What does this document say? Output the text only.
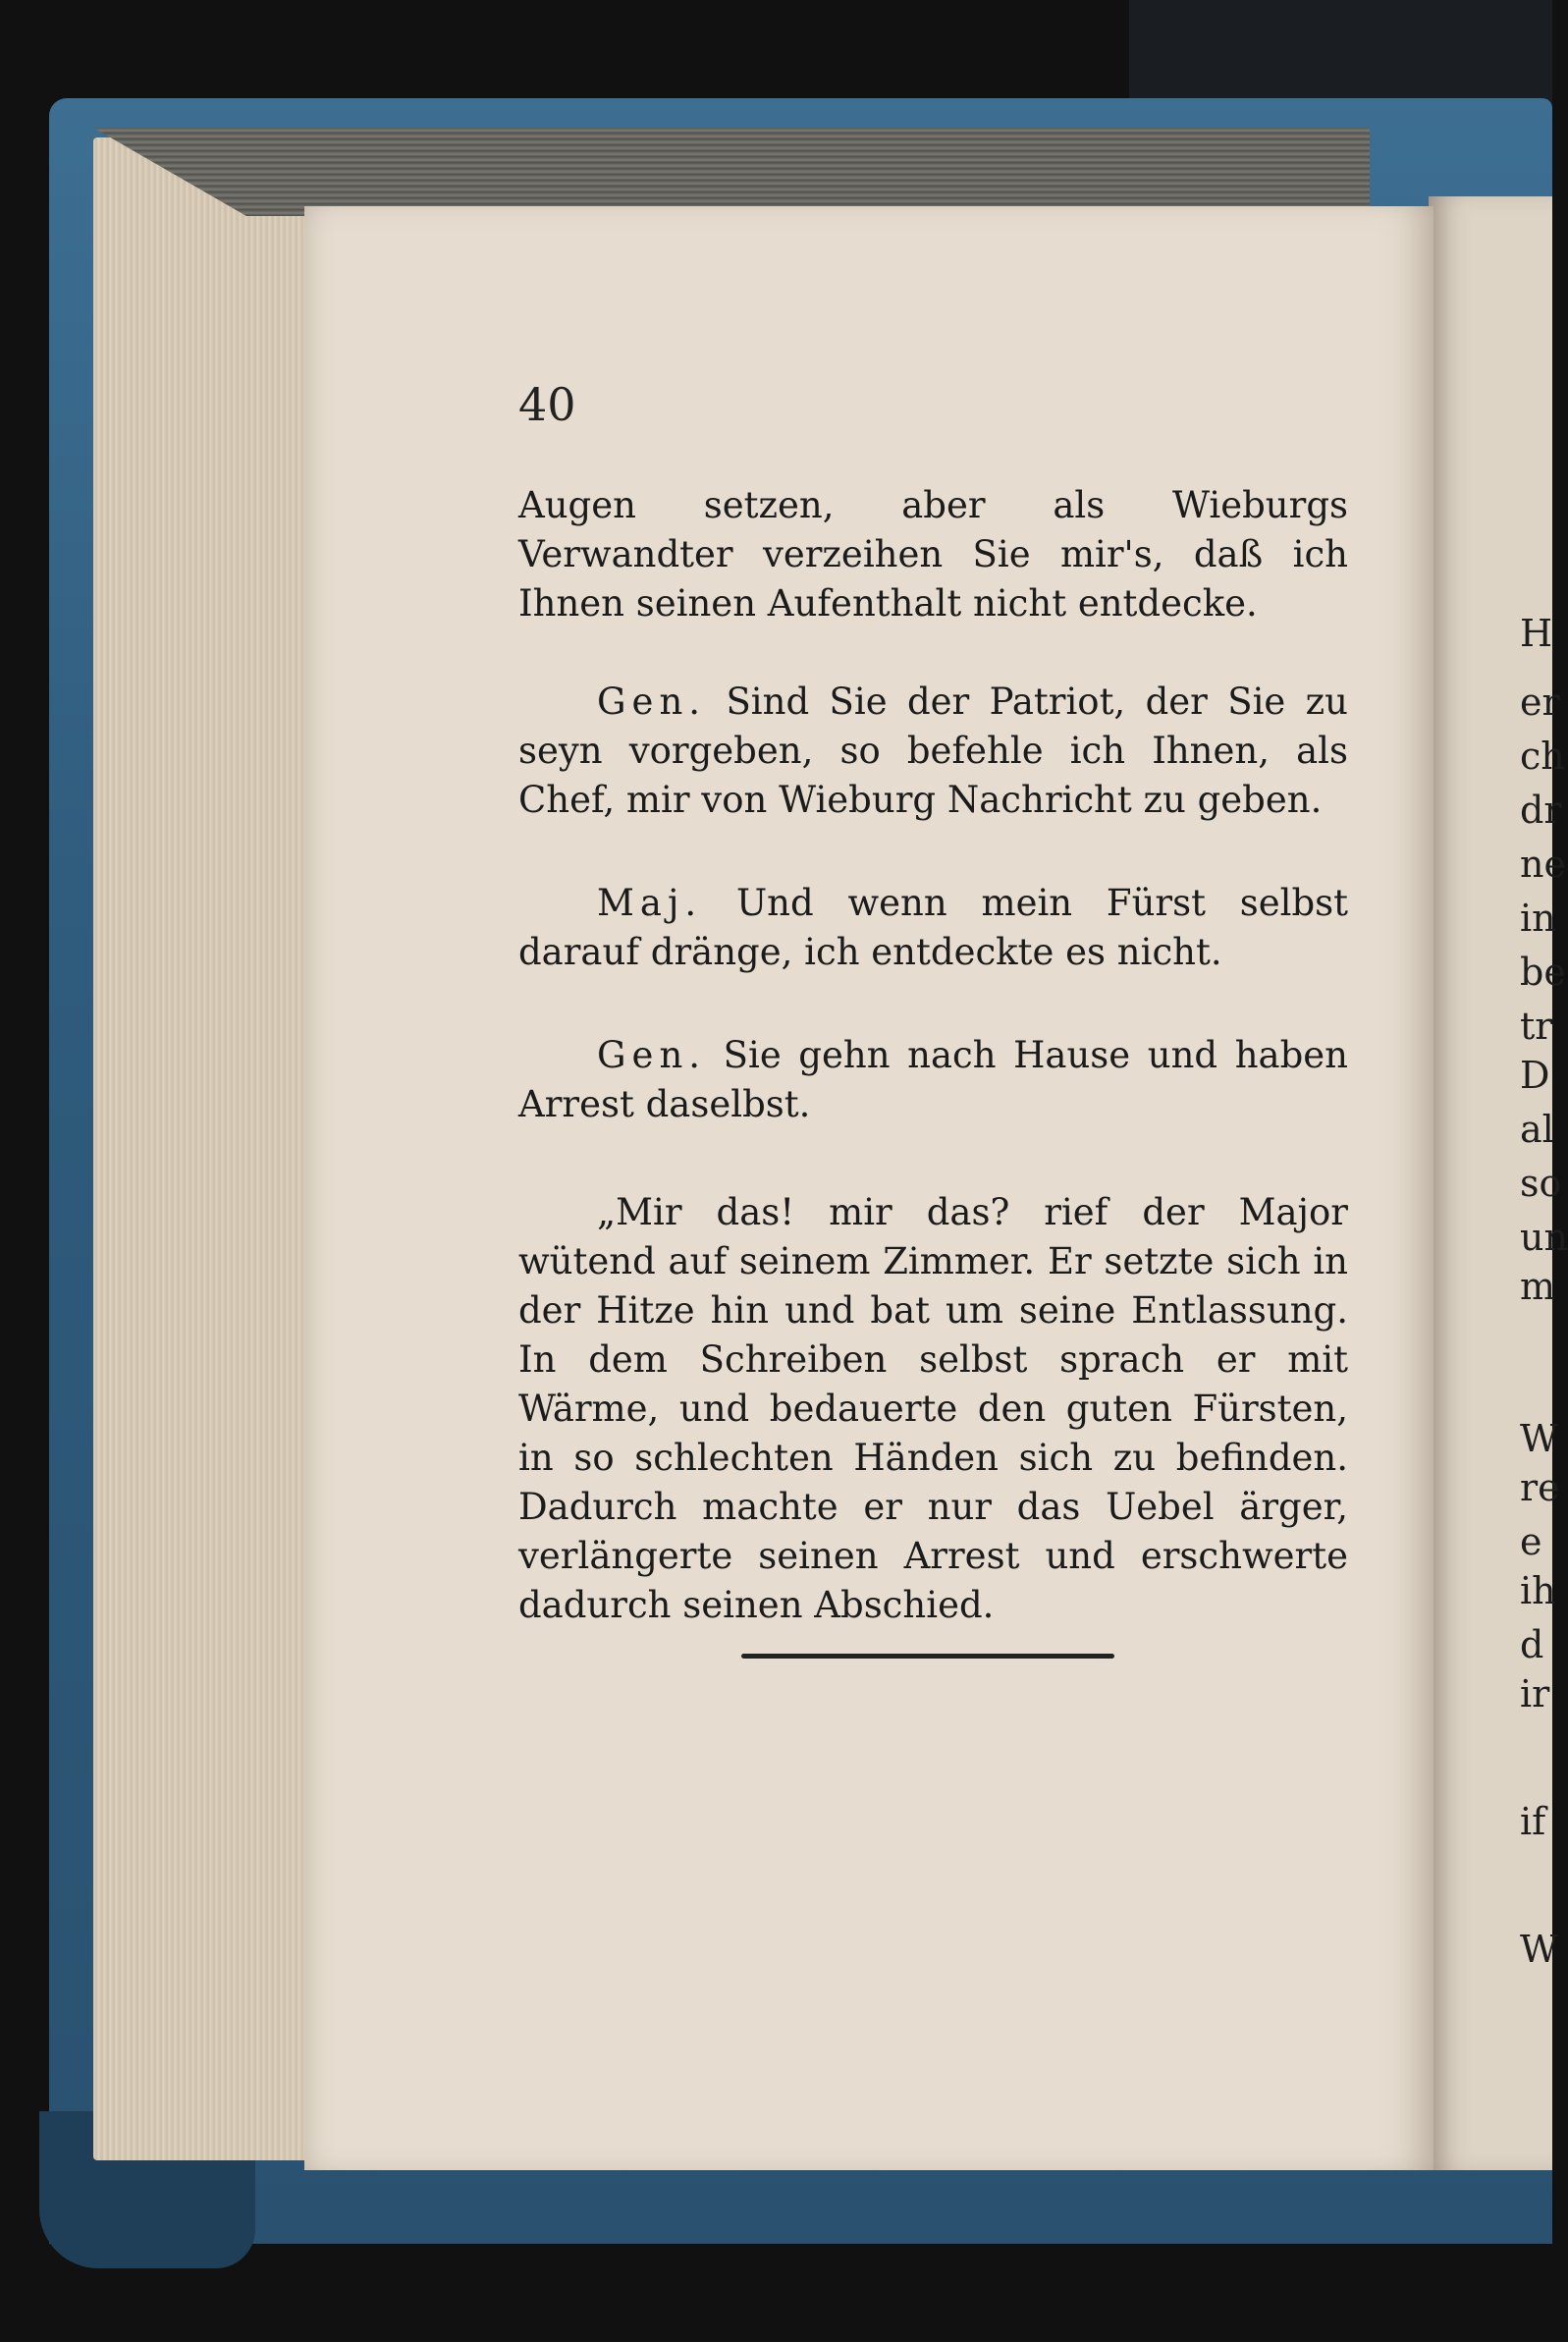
40

Augen setzen, aber als Wieburgs Verwandter verzeihen Sie mir's, daß ich Ihnen seinen Aufenthalt nicht entdecke.

Gen. Sind Sie der Patriot, der Sie zu seyn vorgeben, so befehle ich Ihnen, als Chef, mir von Wieburg Nachricht zu geben.

Maj. Und wenn mein Fürst selbst darauf dränge, ich entdeckte es nicht.

Gen. Sie gehn nach Hause und haben Arrest daselbst.

„Mir das! mir das? rief der Major wütend auf seinem Zimmer. Er setzte sich in der Hitze hin und bat um seine Entlassung. In dem Schreiben selbst sprach er mit Wärme, und bedauerte den guten Fürsten, in so schlechten Händen sich zu befinden. Dadurch machte er nur das Uebel ärger, verlängerte seinen Arrest und erschwerte dadurch seinen Abschied.

H
er
ch
dr
ne
in
be
tr
D
al
so
un
m
W
re
e
ih
d
ir
if
W
